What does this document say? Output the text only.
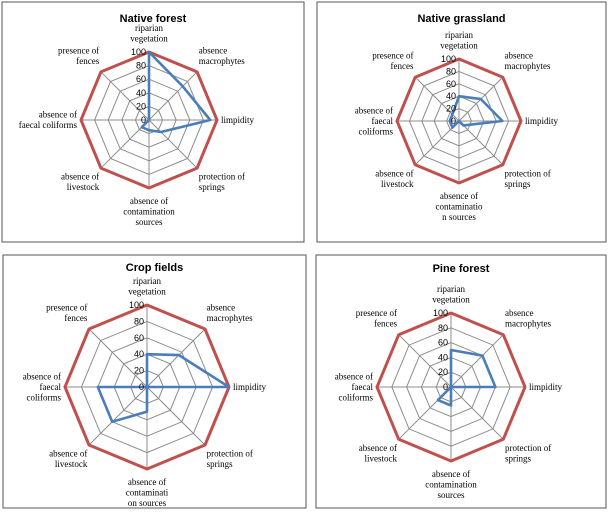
Native forest
0
20
40
60
80
100
riparian vegetation
absence macrophytes
limpidity
protection of springs
absence of contamination sources
absence of livestock
absence of faecal coliforms
presence of fences
Native grassland
0
20
40
60
80
100
riparian vegetation
absence macrophytes
limpidity
protection of springs
absence of contaminatio n sources
absence of livestock
absence of faecal coliforms
presence of fences
Crop fields
0
20
40
60
80
100
riparian vegetation
absence macrophytes
limpidity
protection of springs
absence of contaminati on sources
absence of livestock
absence of faecal coliforms
presence of fences
Pine forest
0
20
40
60
80
100
riparian vegetation
absence macrophytes
limpidity
protection of springs
absence of contamination sources
absence of livestock
absence of faecal coliforms
presence of fences
